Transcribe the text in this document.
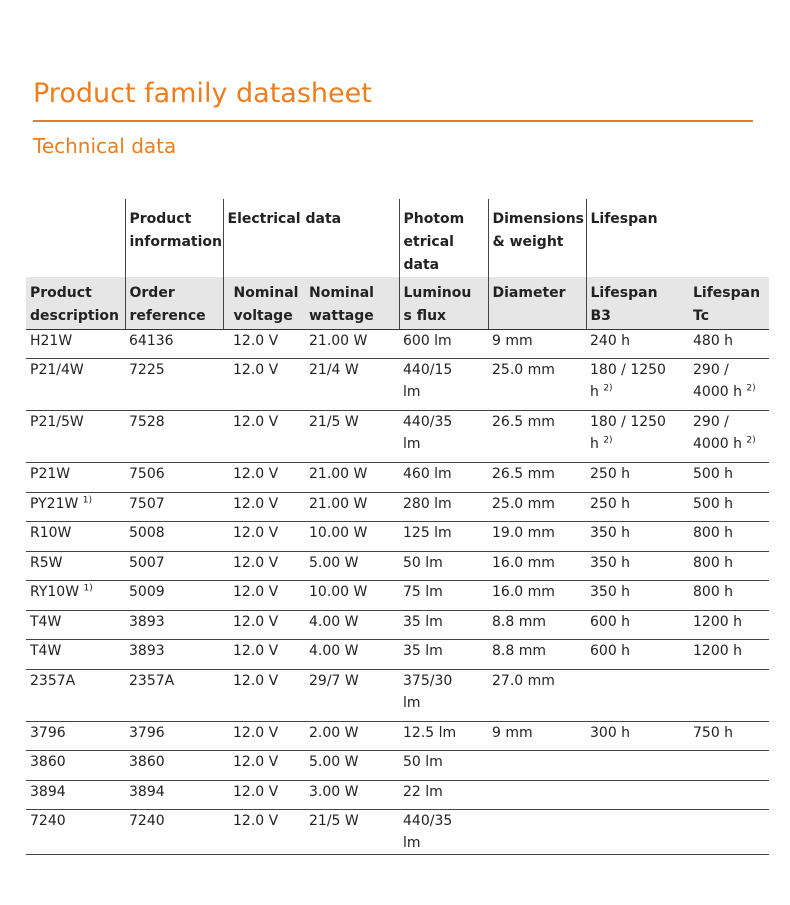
Product family datasheet
Technical data

	Product information	Electrical data		Photom etrical data	Dimensions & weight	Lifespan	

Product description	Order reference	Nominal voltage	Nominal wattage	Luminou s flux	Diameter	Lifespan B3	Lifespan Tc

H21W	64136	12.0 V	21.00 W	600 lm	9 mm	240 h	480 h

P21/4W	7225	12.0 V	21/4 W	440/15 lm	25.0 mm	180 / 1250 h $^{2)}$	290 / 4000 h $^{2)}$

P21/5W	7528	12.0 V	21/5 W	440/35 lm	26.5 mm	180 / 1250 h $^{2)}$	290 / 4000 h $^{2)}$

P21W	7506	12.0 V	21.00 W	460 lm	26.5 mm	250 h	500 h

PY21W $^{1)}$	7507	12.0 V	21.00 W	280 lm	25.0 mm	250 h	500 h

R10W	5008	12.0 V	10.00 W	125 lm	19.0 mm	350 h	800 h

R5W	5007	12.0 V	5.00 W	50 lm	16.0 mm	350 h	800 h

RY10W $^{1)}$	5009	12.0 V	10.00 W	75 lm	16.0 mm	350 h	800 h

T4W	3893	12.0 V	4.00 W	35 lm	8.8 mm	600 h	1200 h

T4W	3893	12.0 V	4.00 W	35 lm	8.8 mm	600 h	1200 h

2357A	2357A	12.0 V	29/7 W	375/30 lm	27.0 mm		

3796	3796	12.0 V	2.00 W	12.5 lm	9 mm	300 h	750 h

3860	3860	12.0 V	5.00 W	50 lm			

3894	3894	12.0 V	3.00 W	22 lm			

7240	7240	12.0 V	21/5 W	440/35 lm			
